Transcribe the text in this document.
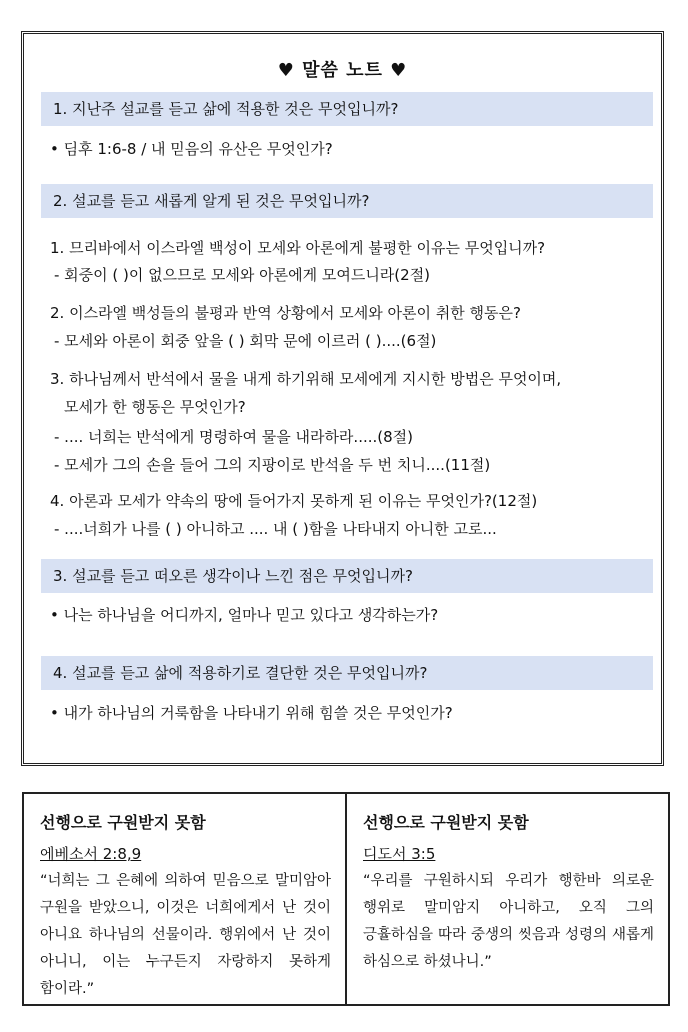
♥ 말씀 노트 ♥
1. 지난주 설교를 듣고 삶에 적용한 것은 무엇입니까?
• 딤후 1:6-8 / 내 믿음의 유산은 무엇인가?
2. 설교를 듣고 새롭게 알게 된 것은 무엇입니까?
1. 므리바에서 이스라엘 백성이 모세와 아론에게 불평한 이유는 무엇입니까?
- 회중이 ( )이 없으므로 모세와 아론에게 모여드니라(2절)
2. 이스라엘 백성들의 불평과 반역 상황에서 모세와 아론이 취한 행동은?
- 모세와 아론이 회중 앞을 ( ) 회막 문에 이르러 ( )....(6절)
3. 하나님께서 반석에서 물을 내게 하기위해 모세에게 지시한 방법은 무엇이며,
모세가 한 행동은 무엇인가?
- .... 너희는 반석에게 명령하여 물을 내라하라.....(8절)
- 모세가 그의 손을 들어 그의 지팡이로 반석을 두 번 치니....(11절)
4. 아론과 모세가 약속의 땅에 들어가지 못하게 된 이유는 무엇인가?(12절)
- ....너희가 나를 ( ) 아니하고 .... 내 ( )함을 나타내지 아니한 고로...
3. 설교를 듣고 떠오른 생각이나 느낀 점은 무엇입니까?
• 나는 하나님을 어디까지, 얼마나 믿고 있다고 생각하는가?
4. 설교를 듣고 삶에 적용하기로 결단한 것은 무엇입니까?
• 내가 하나님의 거룩함을 나타내기 위해 힘쓸 것은 무엇인가?
선행으로 구원받지 못함
에베소서 2:8,9
“너희는 그 은혜에 의하여 믿음으로 말미암아 구원을 받았으니, 이것은 너희에게서 난 것이 아니요 하나님의 선물이라. 행위에서 난 것이 아니니, 이는 누구든지 자랑하지 못하게 함이라.”
선행으로 구원받지 못함
디도서 3:5
“우리를 구원하시되 우리가 행한바 의로운 행위로 말미암지 아니하고, 오직 그의 긍휼하심을 따라 중생의 씻음과 성령의 새롭게 하심으로 하셨나니.”
